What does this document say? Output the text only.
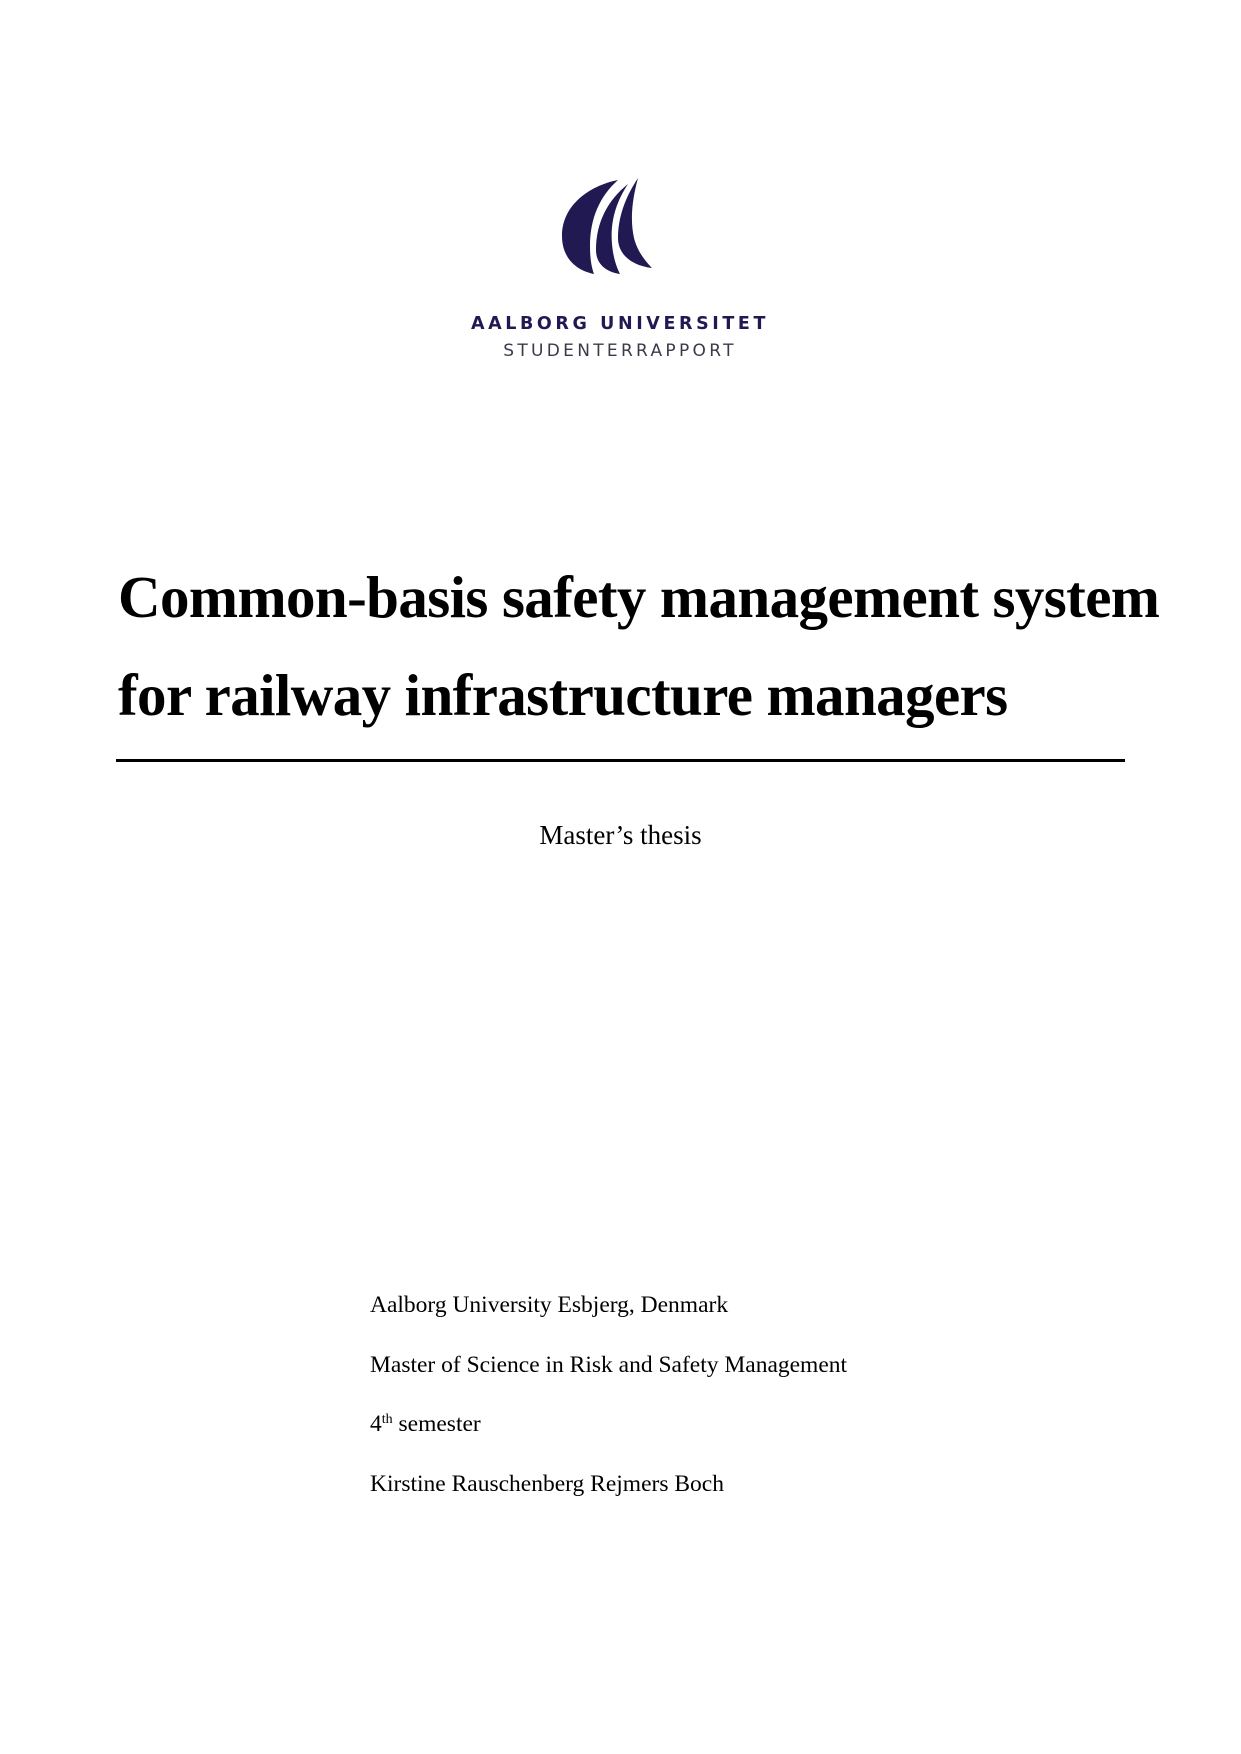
AALBORG UNIVERSITET
STUDENTERRAPPORT
Common-basis safety management system
for railway infrastructure managers
Master’s thesis
Aalborg University Esbjerg, Denmark
Master of Science in Risk and Safety Management
4th semester
Kirstine Rauschenberg Rejmers Boch
